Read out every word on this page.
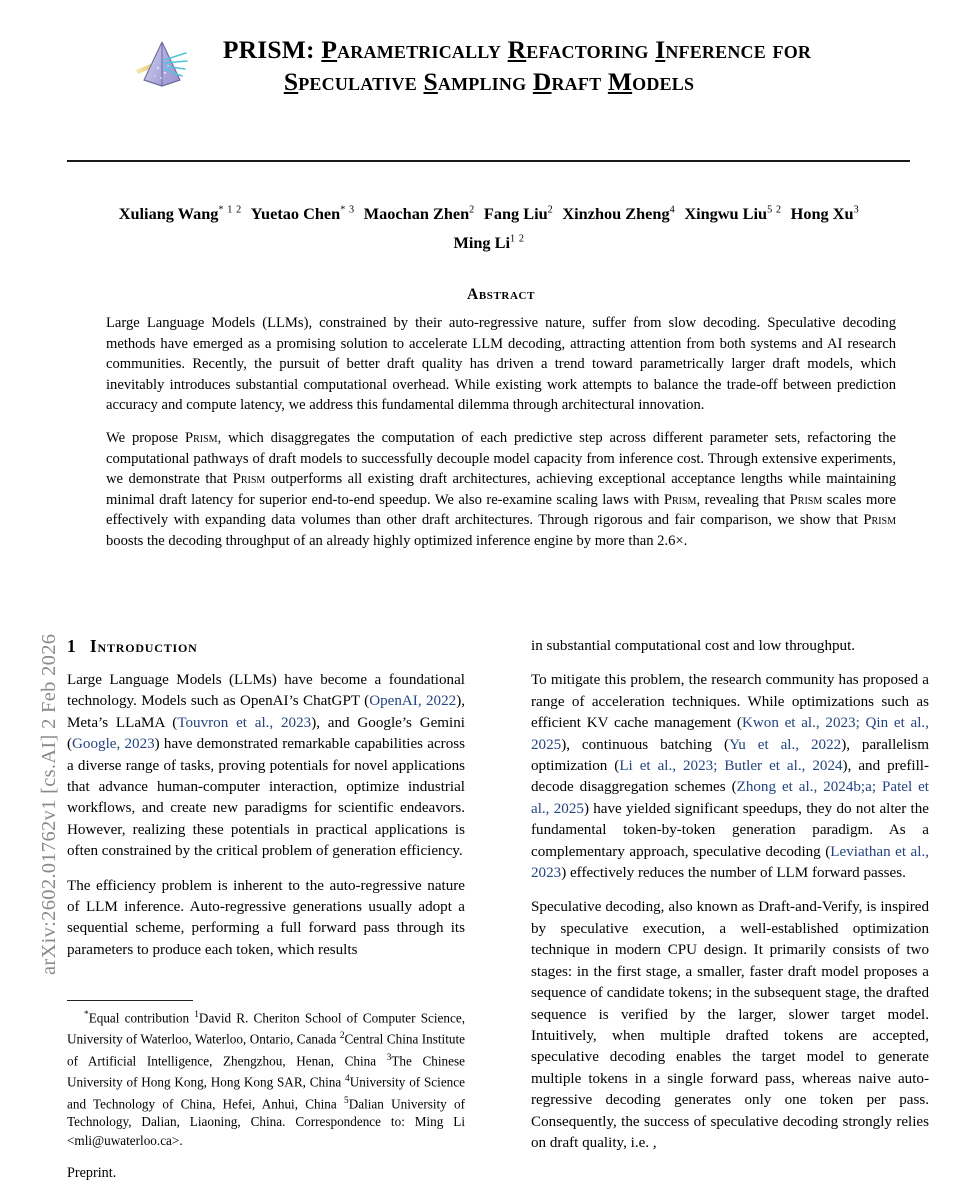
arXiv:2602.01762v1 [cs.AI] 2 Feb 2026
PRISM: Parametrically Refactoring Inference for
Speculative Sampling Draft Models
Xuliang Wang$^{* 1 2}$ Yuetao Chen$^{* 3}$ Maochan Zhen$^2$ Fang Liu$^2$ Xinzhou Zheng$^4$ Xingwu Liu$^{5 2}$ Hong Xu$^3$
Ming $Li^{1 2}$
Abstract

Large Language Models (LLMs), constrained by their auto-regressive nature, suffer from slow decoding. Speculative decoding methods have emerged as a promising solution to accelerate LLM decoding, attracting attention from both systems and AI research communities. Recently, the pursuit of better draft quality has driven a trend toward parametrically larger draft models, which inevitably introduces substantial computational overhead. While existing work attempts to balance the trade-off between prediction accuracy and compute latency, we address this fundamental dilemma through architectural innovation.

We propose Prism, which disaggregates the computation of each predictive step across different parameter sets, refactoring the computational pathways of draft models to successfully decouple model capacity from inference cost. Through extensive experiments, we demonstrate that Prism outperforms all existing draft architectures, achieving exceptional acceptance lengths while maintaining minimal draft latency for superior end-to-end speedup. We also re-examine scaling laws with Prism, revealing that Prism scales more effectively with expanding data volumes than other draft architectures. Through rigorous and fair comparison, we show that Prism boosts the decoding throughput of an already highly optimized inference engine by more than 2.6×.

1 Introduction

Large Language Models (LLMs) have become a foundational technology. Models such as OpenAI’s ChatGPT (OpenAI, 2022), Meta’s LLaMA (Touvron et al., 2023), and Google’s Gemini (Google, 2023) have demonstrated remarkable capabilities across a diverse range of tasks, proving potentials for novel applications that advance human-computer interaction, optimize industrial workflows, and create new paradigms for scientific endeavors. However, realizing these potentials in practical applications is often constrained by the critical problem of generation efficiency.

The efficiency problem is inherent to the auto-regressive nature of LLM inference. Auto-regressive generations usually adopt a sequential scheme, performing a full forward pass through its parameters to produce each token, which results

in substantial computational cost and low throughput.

To mitigate this problem, the research community has proposed a range of acceleration techniques. While optimizations such as efficient KV cache management (Kwon et al., 2023; Qin et al., 2025), continuous batching (Yu et al., 2022), parallelism optimization (Li et al., 2023; Butler et al., 2024), and prefill-decode disaggregation schemes (Zhong et al., 2024b;a; Patel et al., 2025) have yielded significant speedups, they do not alter the fundamental token-by-token generation paradigm. As a complementary approach, speculative decoding (Leviathan et al., 2023) effectively reduces the number of LLM forward passes.

Speculative decoding, also known as Draft-and-Verify, is inspired by speculative execution, a well-established optimization technique in modern CPU design. It primarily consists of two stages: in the first stage, a smaller, faster draft model proposes a sequence of candidate tokens; in the subsequent stage, the drafted sequence is verified by the larger, slower target model. Intuitively, when multiple drafted tokens are accepted, speculative decoding enables the target model to generate multiple tokens in a single forward pass, whereas naive auto-regressive decoding generates only one token per pass. Consequently, the success of speculative decoding strongly relies on draft quality, i.e. ,

*Equal contribution $^1$David R. Cheriton School of Computer Science, University of Waterloo, Waterloo, Ontario, Canada $^2$Central China Institute of Artificial Intelligence, Zhengzhou, Henan, China $^3$The Chinese University of Hong Kong, Hong Kong SAR, China $^4$University of Science and Technology of China, Hefei, Anhui, China $^5$Dalian University of Technology, Dalian, Liaoning, China. Correspondence to: Ming Li <mli@uwaterloo.ca>.

Preprint.
